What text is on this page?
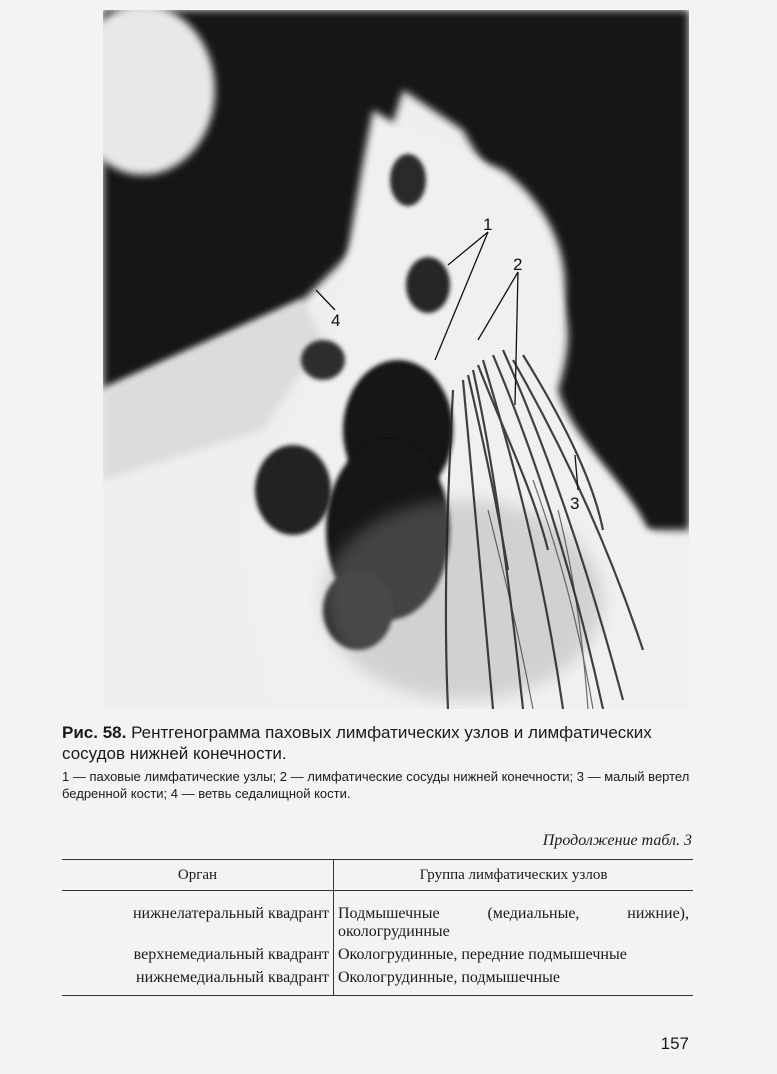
1
2
3
4

Рис. 58. Рентгенограмма паховых лимфатических узлов и лимфатических сосудов нижней конечности.

1 — паховые лимфатические узлы; 2 — лимфатические сосуды нижней конечности; 3 — малый вертел бедренной кости; 4 — ветвь седалищной кости.

Продолжение табл. 3
Орган	Группа лимфатических узлов
нижнелатеральный квадрант	Подмышечные (медиальные, нижние), окологрудинные
верхнемедиальный квадрант	Окологрудинные, передние подмышечные
нижнемедиальный квадрант	Окологрудинные, подмышечные
157
